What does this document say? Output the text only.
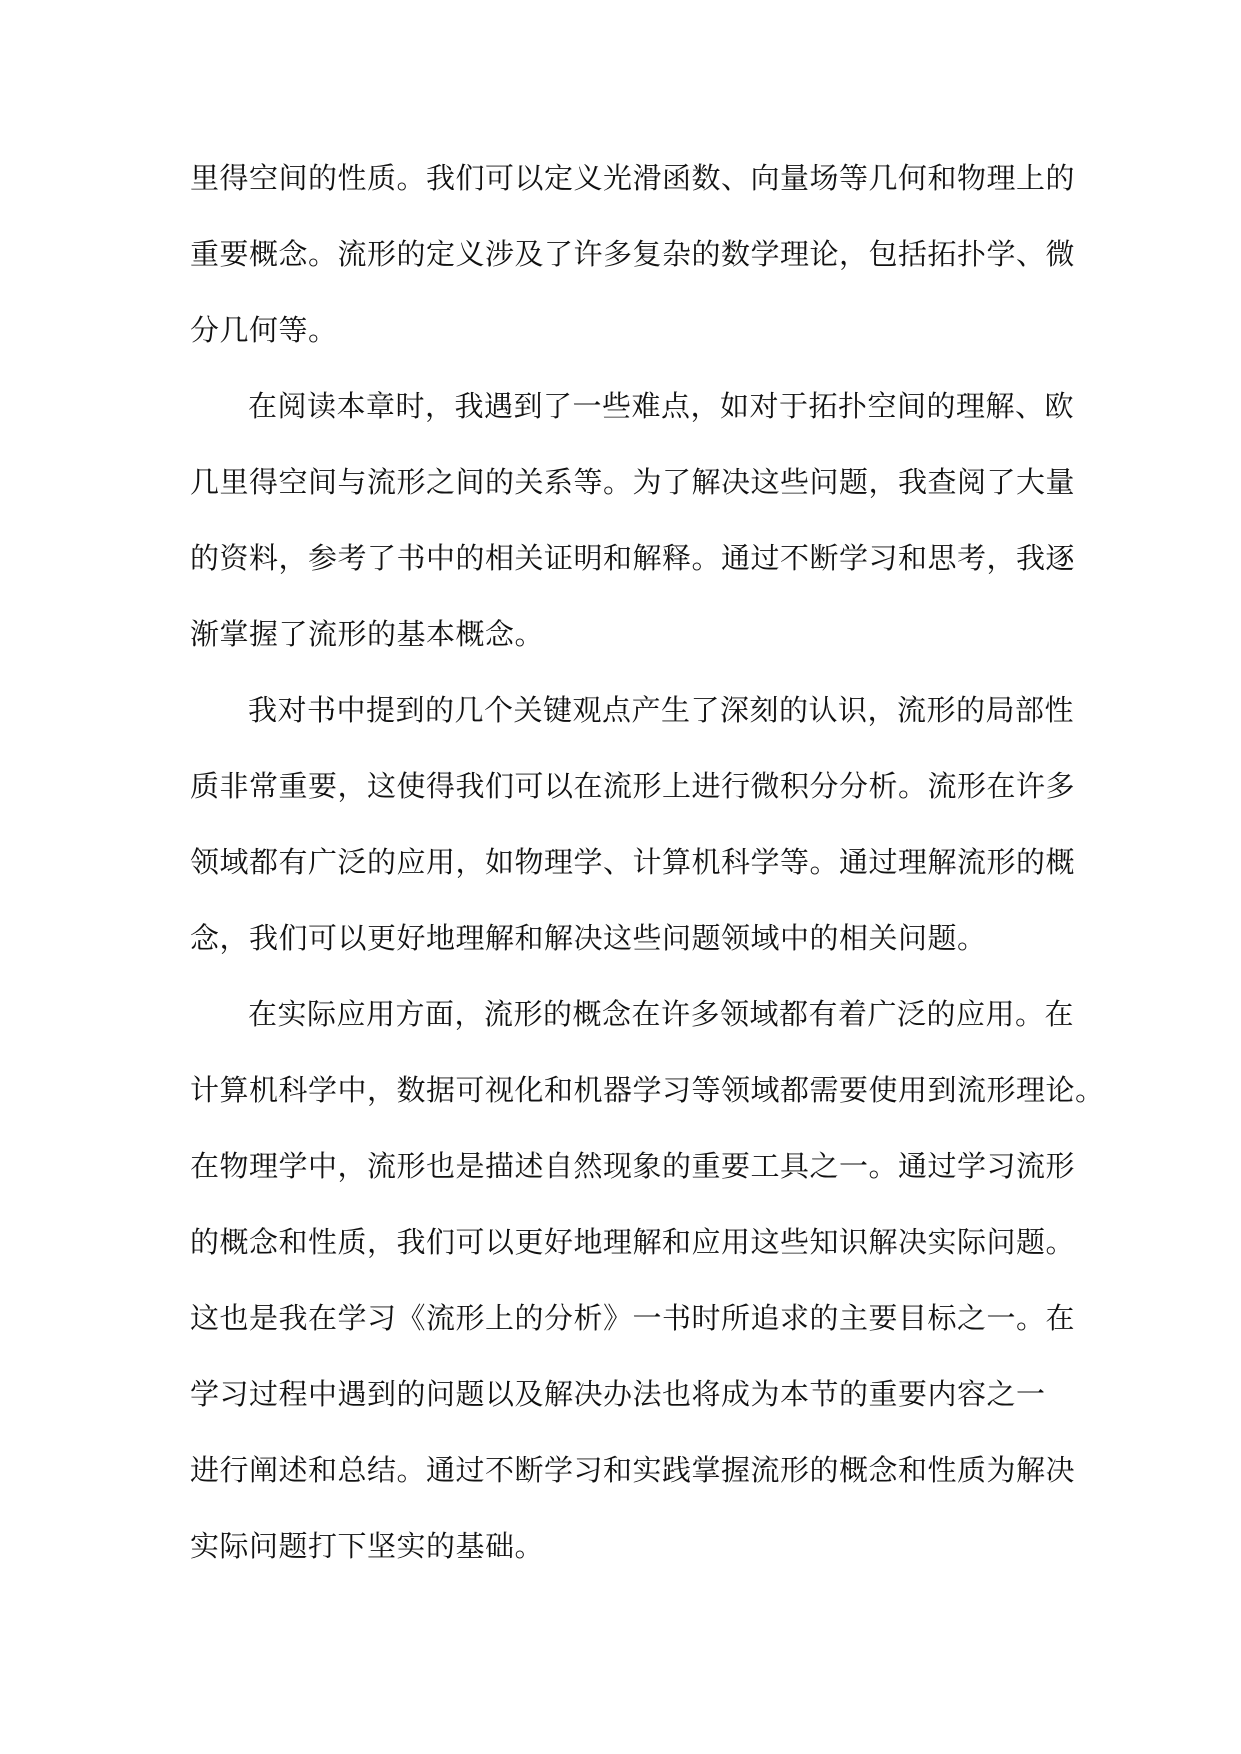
里得空间的性质。我们可以定义光滑函数、向量场等几何和物理上的
重要概念。流形的定义涉及了许多复杂的数学理论，包括拓扑学、微
分几何等。
在阅读本章时，我遇到了一些难点，如对于拓扑空间的理解、欧
几里得空间与流形之间的关系等。为了解决这些问题，我查阅了大量
的资料，参考了书中的相关证明和解释。通过不断学习和思考，我逐
渐掌握了流形的基本概念。
我对书中提到的几个关键观点产生了深刻的认识，流形的局部性
质非常重要，这使得我们可以在流形上进行微积分分析。流形在许多
领域都有广泛的应用，如物理学、计算机科学等。通过理解流形的概
念，我们可以更好地理解和解决这些问题领域中的相关问题。
在实际应用方面，流形的概念在许多领域都有着广泛的应用。在
计算机科学中，数据可视化和机器学习等领域都需要使用到流形理论。
在物理学中，流形也是描述自然现象的重要工具之一。通过学习流形
的概念和性质，我们可以更好地理解和应用这些知识解决实际问题。
这也是我在学习《流形上的分析》一书时所追求的主要目标之一。在
学习过程中遇到的问题以及解决办法也将成为本节的重要内容之一
进行阐述和总结。通过不断学习和实践掌握流形的概念和性质为解决
实际问题打下坚实的基础。
